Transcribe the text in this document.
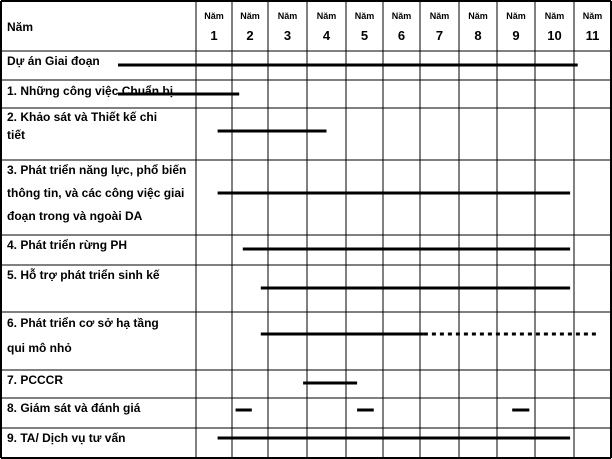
Năm
Năm
1
Năm
2
Năm
3
Năm
4
Năm
5
Năm
6
Năm
7
Năm
8
Năm
9
Năm
10
Năm
11
Dự án Giai đoạn
1. Những công việc Chuẩn bị
2. Khảo sát và Thiết kế chi
tiết
3. Phát triển năng lực, phổ biến
thông tin, và các công việc giai
đoạn trong và ngoài DA
4. Phát triển rừng PH
5. Hỗ trợ phát triển sinh kế
6. Phát triển cơ sở hạ tầng
qui mô nhỏ
7. PCCCR
8. Giám sát và đánh giá
9. TA/ Dịch vụ tư vấn
